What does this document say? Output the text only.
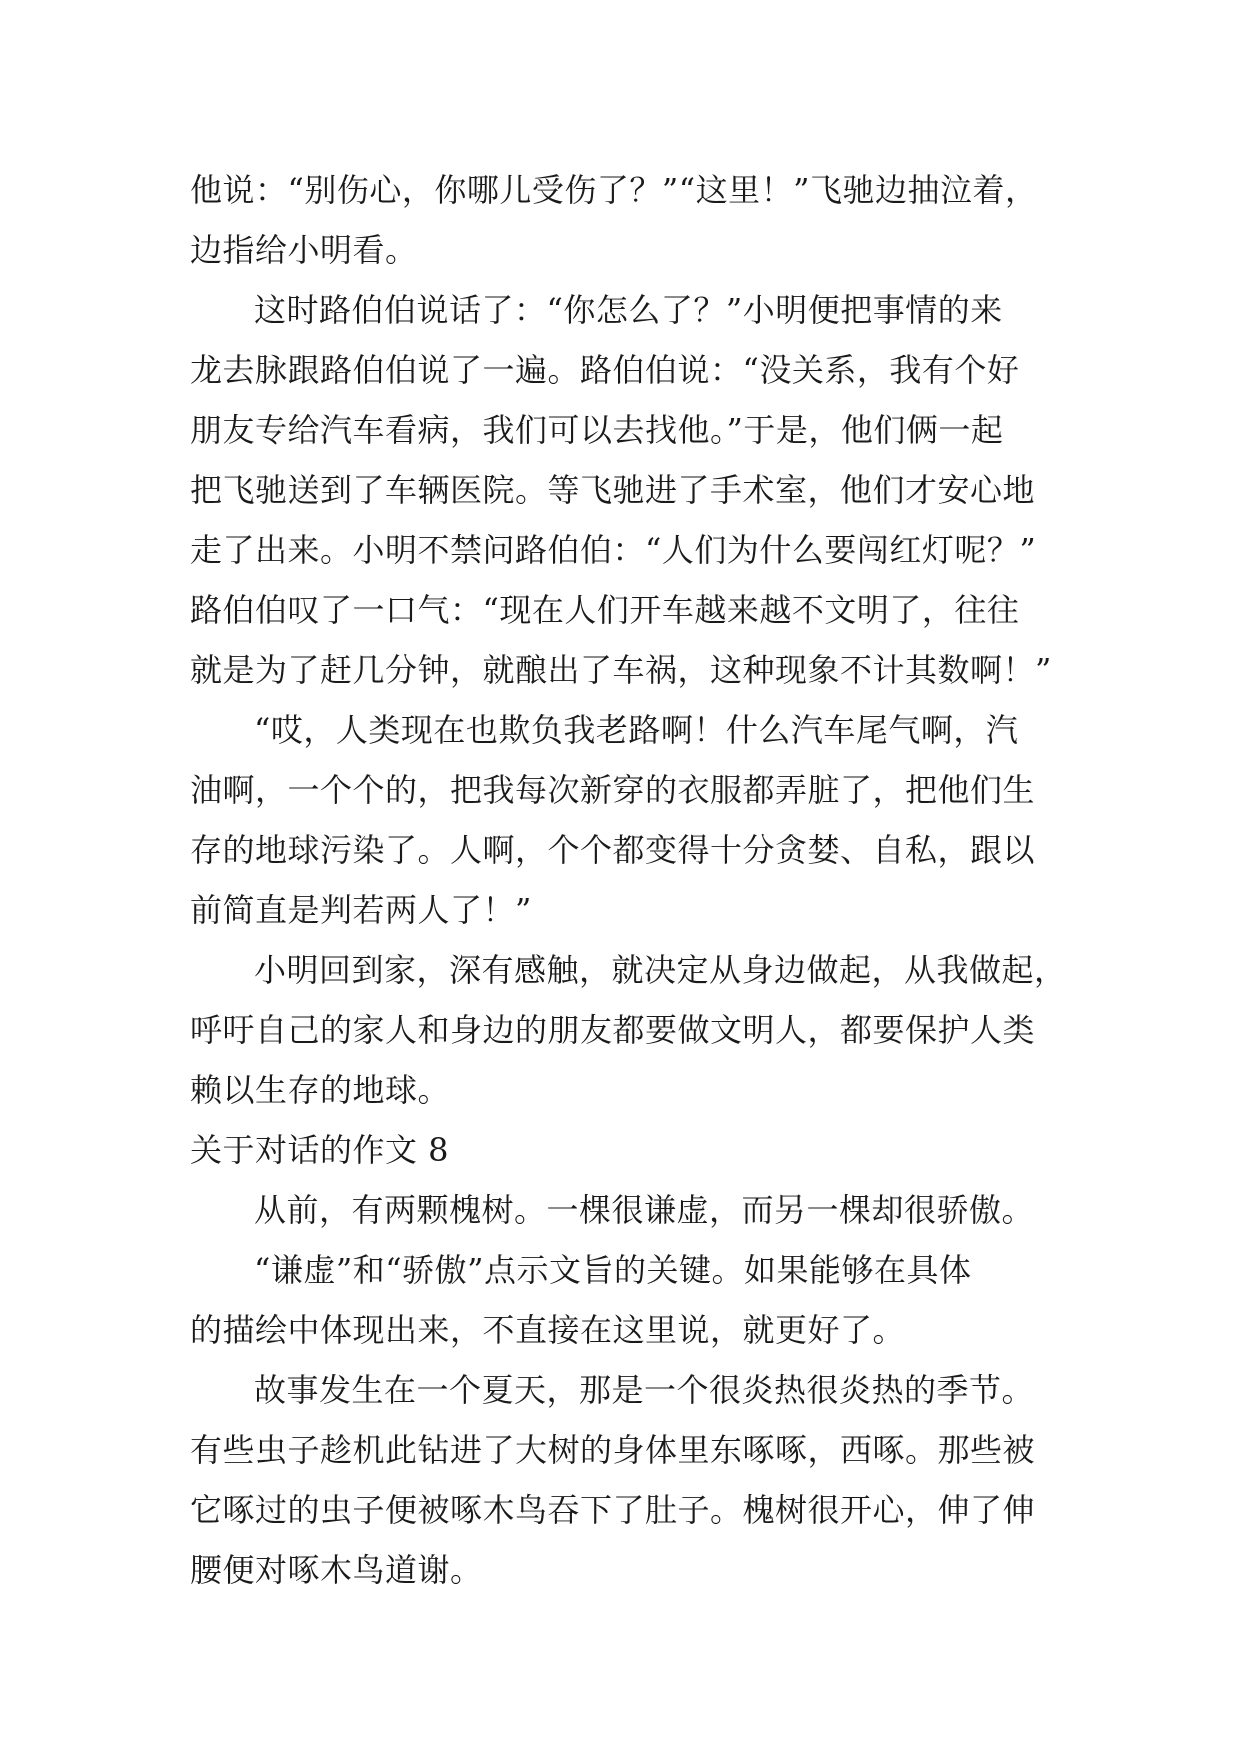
他说：“别伤心，你哪儿受伤了？”“这里！”飞驰边抽泣着，
边指给小明看。
这时路伯伯说话了：“你怎么了？”小明便把事情的来
龙去脉跟路伯伯说了一遍。路伯伯说：“没关系，我有个好
朋友专给汽车看病，我们可以去找他。”于是，他们俩一起
把飞驰送到了车辆医院。等飞驰进了手术室，他们才安心地
走了出来。小明不禁问路伯伯：“人们为什么要闯红灯呢？”
路伯伯叹了一口气：“现在人们开车越来越不文明了，往往
就是为了赶几分钟，就酿出了车祸，这种现象不计其数啊！”
“哎，人类现在也欺负我老路啊！什么汽车尾气啊，汽
油啊，一个个的，把我每次新穿的衣服都弄脏了，把他们生
存的地球污染了。人啊，个个都变得十分贪婪、自私，跟以
前简直是判若两人了！”
小明回到家，深有感触，就决定从身边做起，从我做起，
呼吁自己的家人和身边的朋友都要做文明人，都要保护人类
赖以生存的地球。
关于对话的作文 8
从前，有两颗槐树。一棵很谦虚，而另一棵却很骄傲。
“谦虚”和“骄傲”点示文旨的关键。如果能够在具体
的描绘中体现出来，不直接在这里说，就更好了。
故事发生在一个夏天，那是一个很炎热很炎热的季节。
有些虫子趁机此钻进了大树的身体里东啄啄，西啄。那些被
它啄过的虫子便被啄木鸟吞下了肚子。槐树很开心，伸了伸
腰便对啄木鸟道谢。
